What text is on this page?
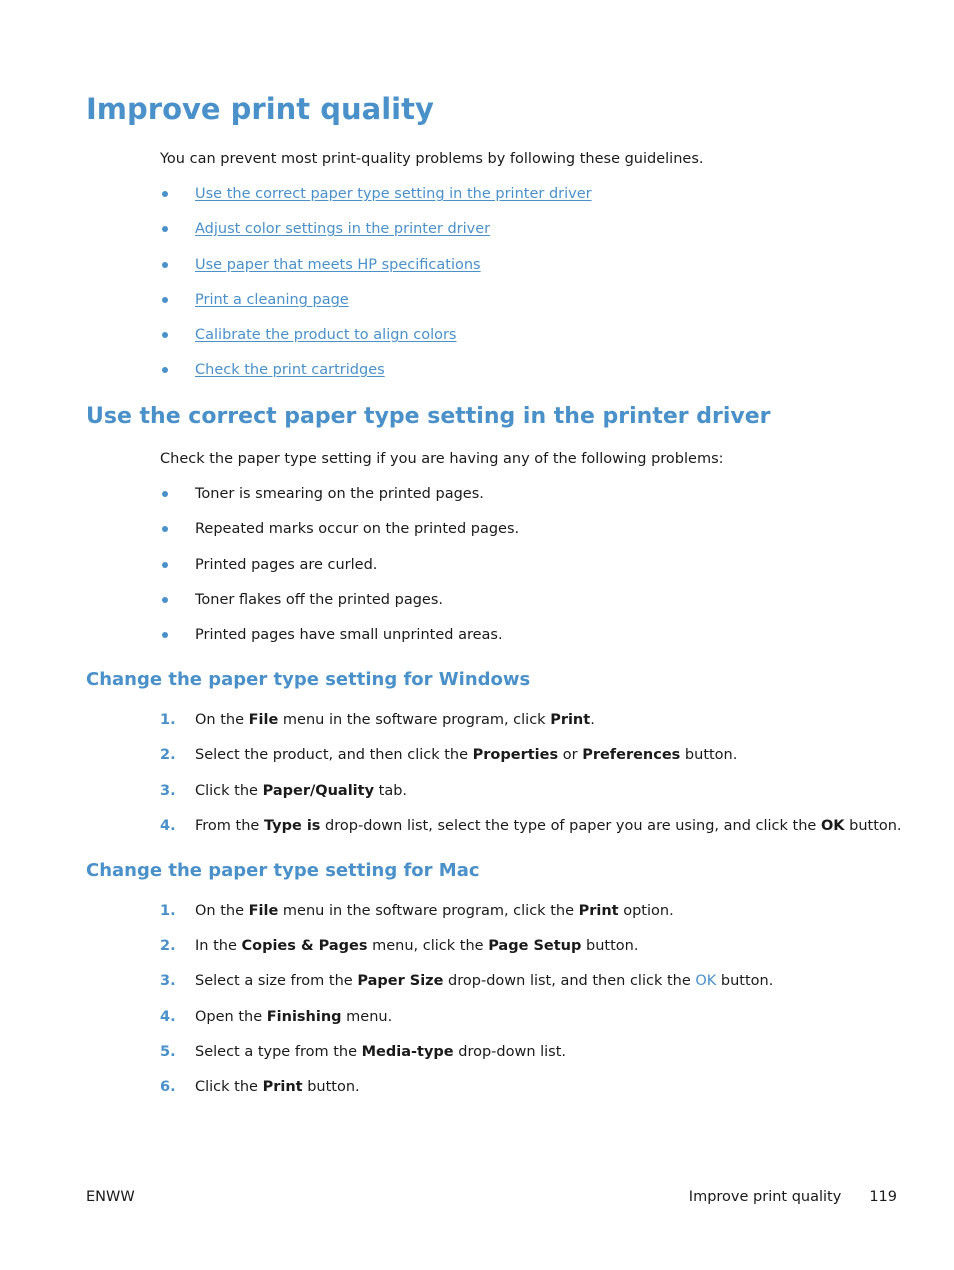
Improve print quality

You can prevent most print-quality problems by following these guidelines.

Use the correct paper type setting in the printer driver
Adjust color settings in the printer driver
Use paper that meets HP specifications
Print a cleaning page
Calibrate the product to align colors
Check the print cartridges
Use the correct paper type setting in the printer driver

Check the paper type setting if you are having any of the following problems:

Toner is smearing on the printed pages.
Repeated marks occur on the printed pages.
Printed pages are curled.
Toner flakes off the printed pages.
Printed pages have small unprinted areas.
Change the paper type setting for Windows
1. On the File menu in the software program, click Print.
2. Select the product, and then click the Properties or Preferences button.
3. Click the Paper/Quality tab.
4. From the Type is drop-down list, select the type of paper you are using, and click the OK button.
Change the paper type setting for Mac
1. On the File menu in the software program, click the Print option.
2. In the Copies & Pages menu, click the Page Setup button.
3. Select a size from the Paper Size drop-down list, and then click the OK button.
4. Open the Finishing menu.
5. Select a type from the Media-type drop-down list.
6. Click the Print button.
ENWW	Improve print quality 119
